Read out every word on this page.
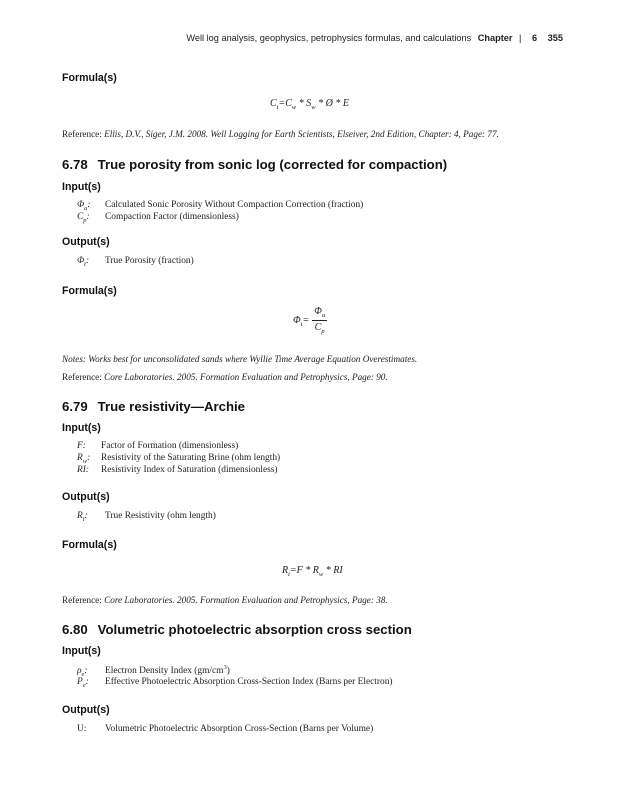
Well log analysis, geophysics, petrophysics formulas, and calculations Chapter | 6 355
Formula(s)
$C_t=C_w * S_w$ * Ø * E
Reference: Ellis, D.V., Siger, J.M. 2008. Well Logging for Earth Scientists, Elseiver, 2nd Edition, Chapter: 4, Page: 77.
6.78 True porosity from sonic log (corrected for compaction)
Input(s)
$\Phi_a$: Calculated Sonic Porosity Without Compaction Correction (fraction)
$C_p$: Compaction Factor (dimensionless)
Output(s)
$\Phi_t$: True Porosity (fraction)
Formula(s)
$\Phi_t= \frac{\Phi_a}{C_p}$
Notes: Works best for unconsolidated sands where Wyllie Time Average Equation Overestimates.
Reference: Core Laboratories. 2005. Formation Evaluation and Petrophysics, Page: 90.
6.79 True resistivity—Archie
Input(s)
F: Factor of Formation (dimensionless)
$R_w$: Resistivity of the Saturating Brine (ohm length)
RI: Resistivity Index of Saturation (dimensionless)
Output(s)
$R_t$: True Resistivity (ohm length)
Formula(s)
$R_t=F * R_w$ * RI
Reference: Core Laboratories. 2005. Formation Evaluation and Petrophysics, Page: 38.
6.80 Volumetric photoelectric absorption cross section
Input(s)
$\rho_e$: Electron Density Index $(gm/cm^3)$
$P_e$: Effective Photoelectric Absorption Cross-Section Index (Barns per Electron)
Output(s)
U: Volumetric Photoelectric Absorption Cross-Section (Barns per Volume)
